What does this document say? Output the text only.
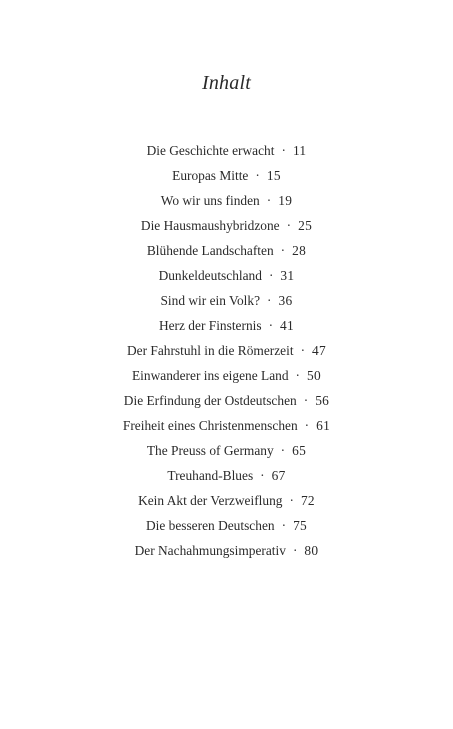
Inhalt
Die Geschichte erwacht · 11
Europas Mitte · 15
Wo wir uns finden · 19
Die Hausmaushybridzone · 25
Blühende Landschaften · 28
Dunkeldeutschland · 31
Sind wir ein Volk? · 36
Herz der Finsternis · 41
Der Fahrstuhl in die Römerzeit · 47
Einwanderer ins eigene Land · 50
Die Erfindung der Ostdeutschen · 56
Freiheit eines Christenmenschen · 61
The Preuss of Germany · 65
Treuhand-Blues · 67
Kein Akt der Verzweiflung · 72
Die besseren Deutschen · 75
Der Nachahmungsimperativ · 80
